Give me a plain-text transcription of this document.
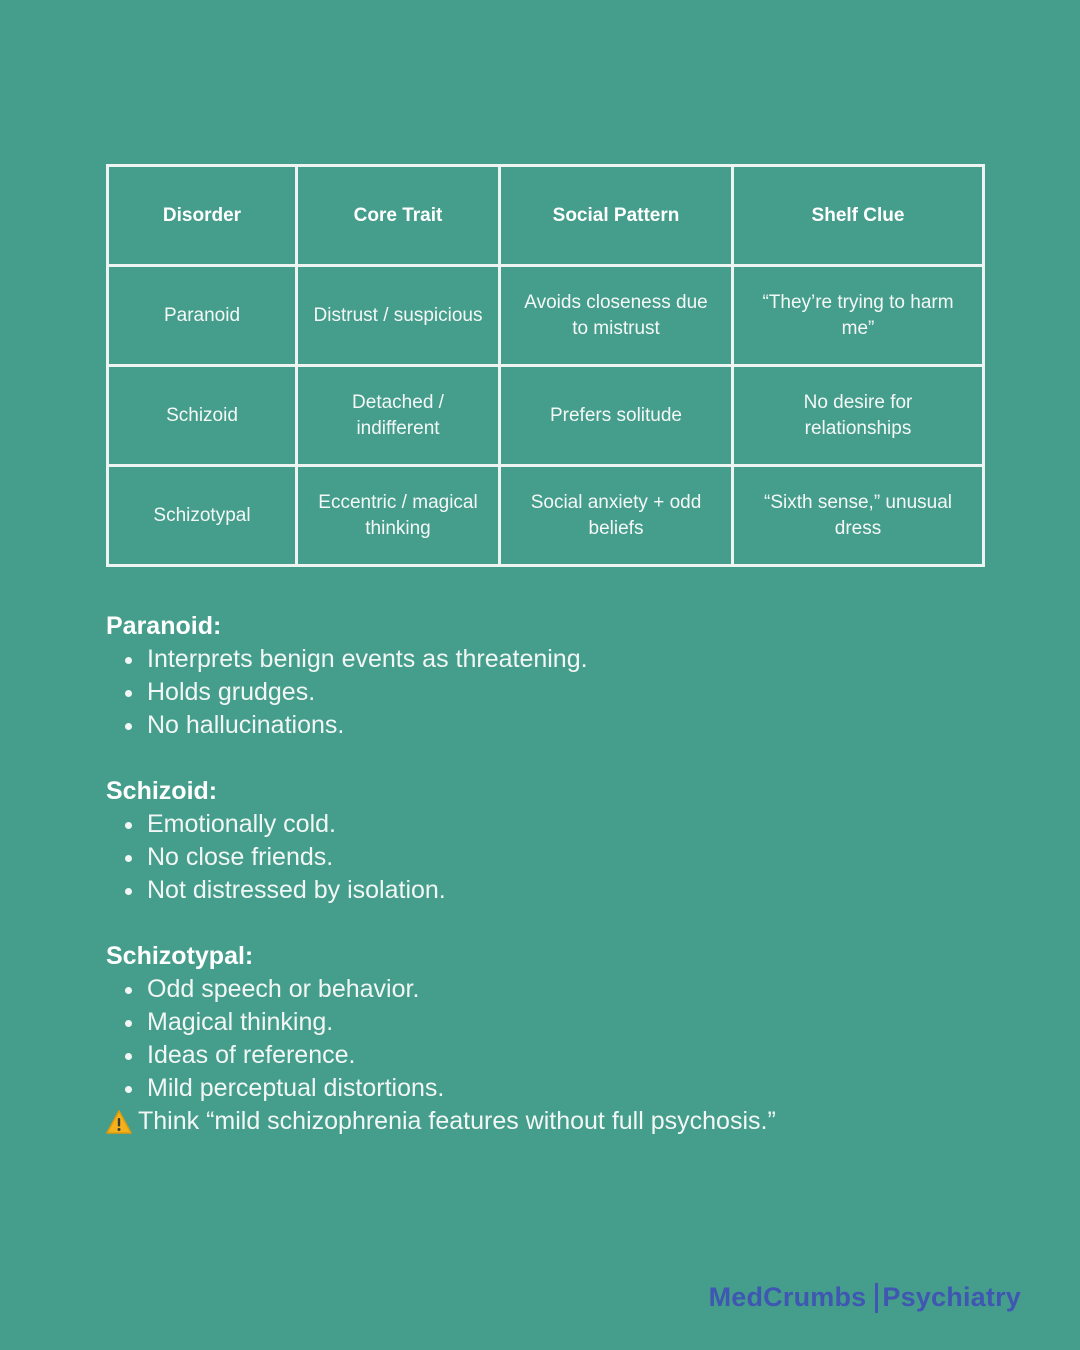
Disorder	Core Trait	Social Pattern	Shelf Clue
Paranoid	Distrust / suspicious	Avoids closeness due to mistrust	“They’re trying to harm me”
Schizoid	Detached / indifferent	Prefers solitude	No desire for relationships
Schizotypal	Eccentric / magical thinking	Social anxiety + odd beliefs	“Sixth sense,” unusual dress
Paranoid:
Interprets benign events as threatening.
Holds grudges.
No hallucinations.
Schizoid:
Emotionally cold.
No close friends.
Not distressed by isolation.
Schizotypal:
Odd speech or behavior.
Magical thinking.
Ideas of reference.
Mild perceptual distortions.
Think “mild schizophrenia features without full psychosis.”
MedCrumbs Psychiatry
